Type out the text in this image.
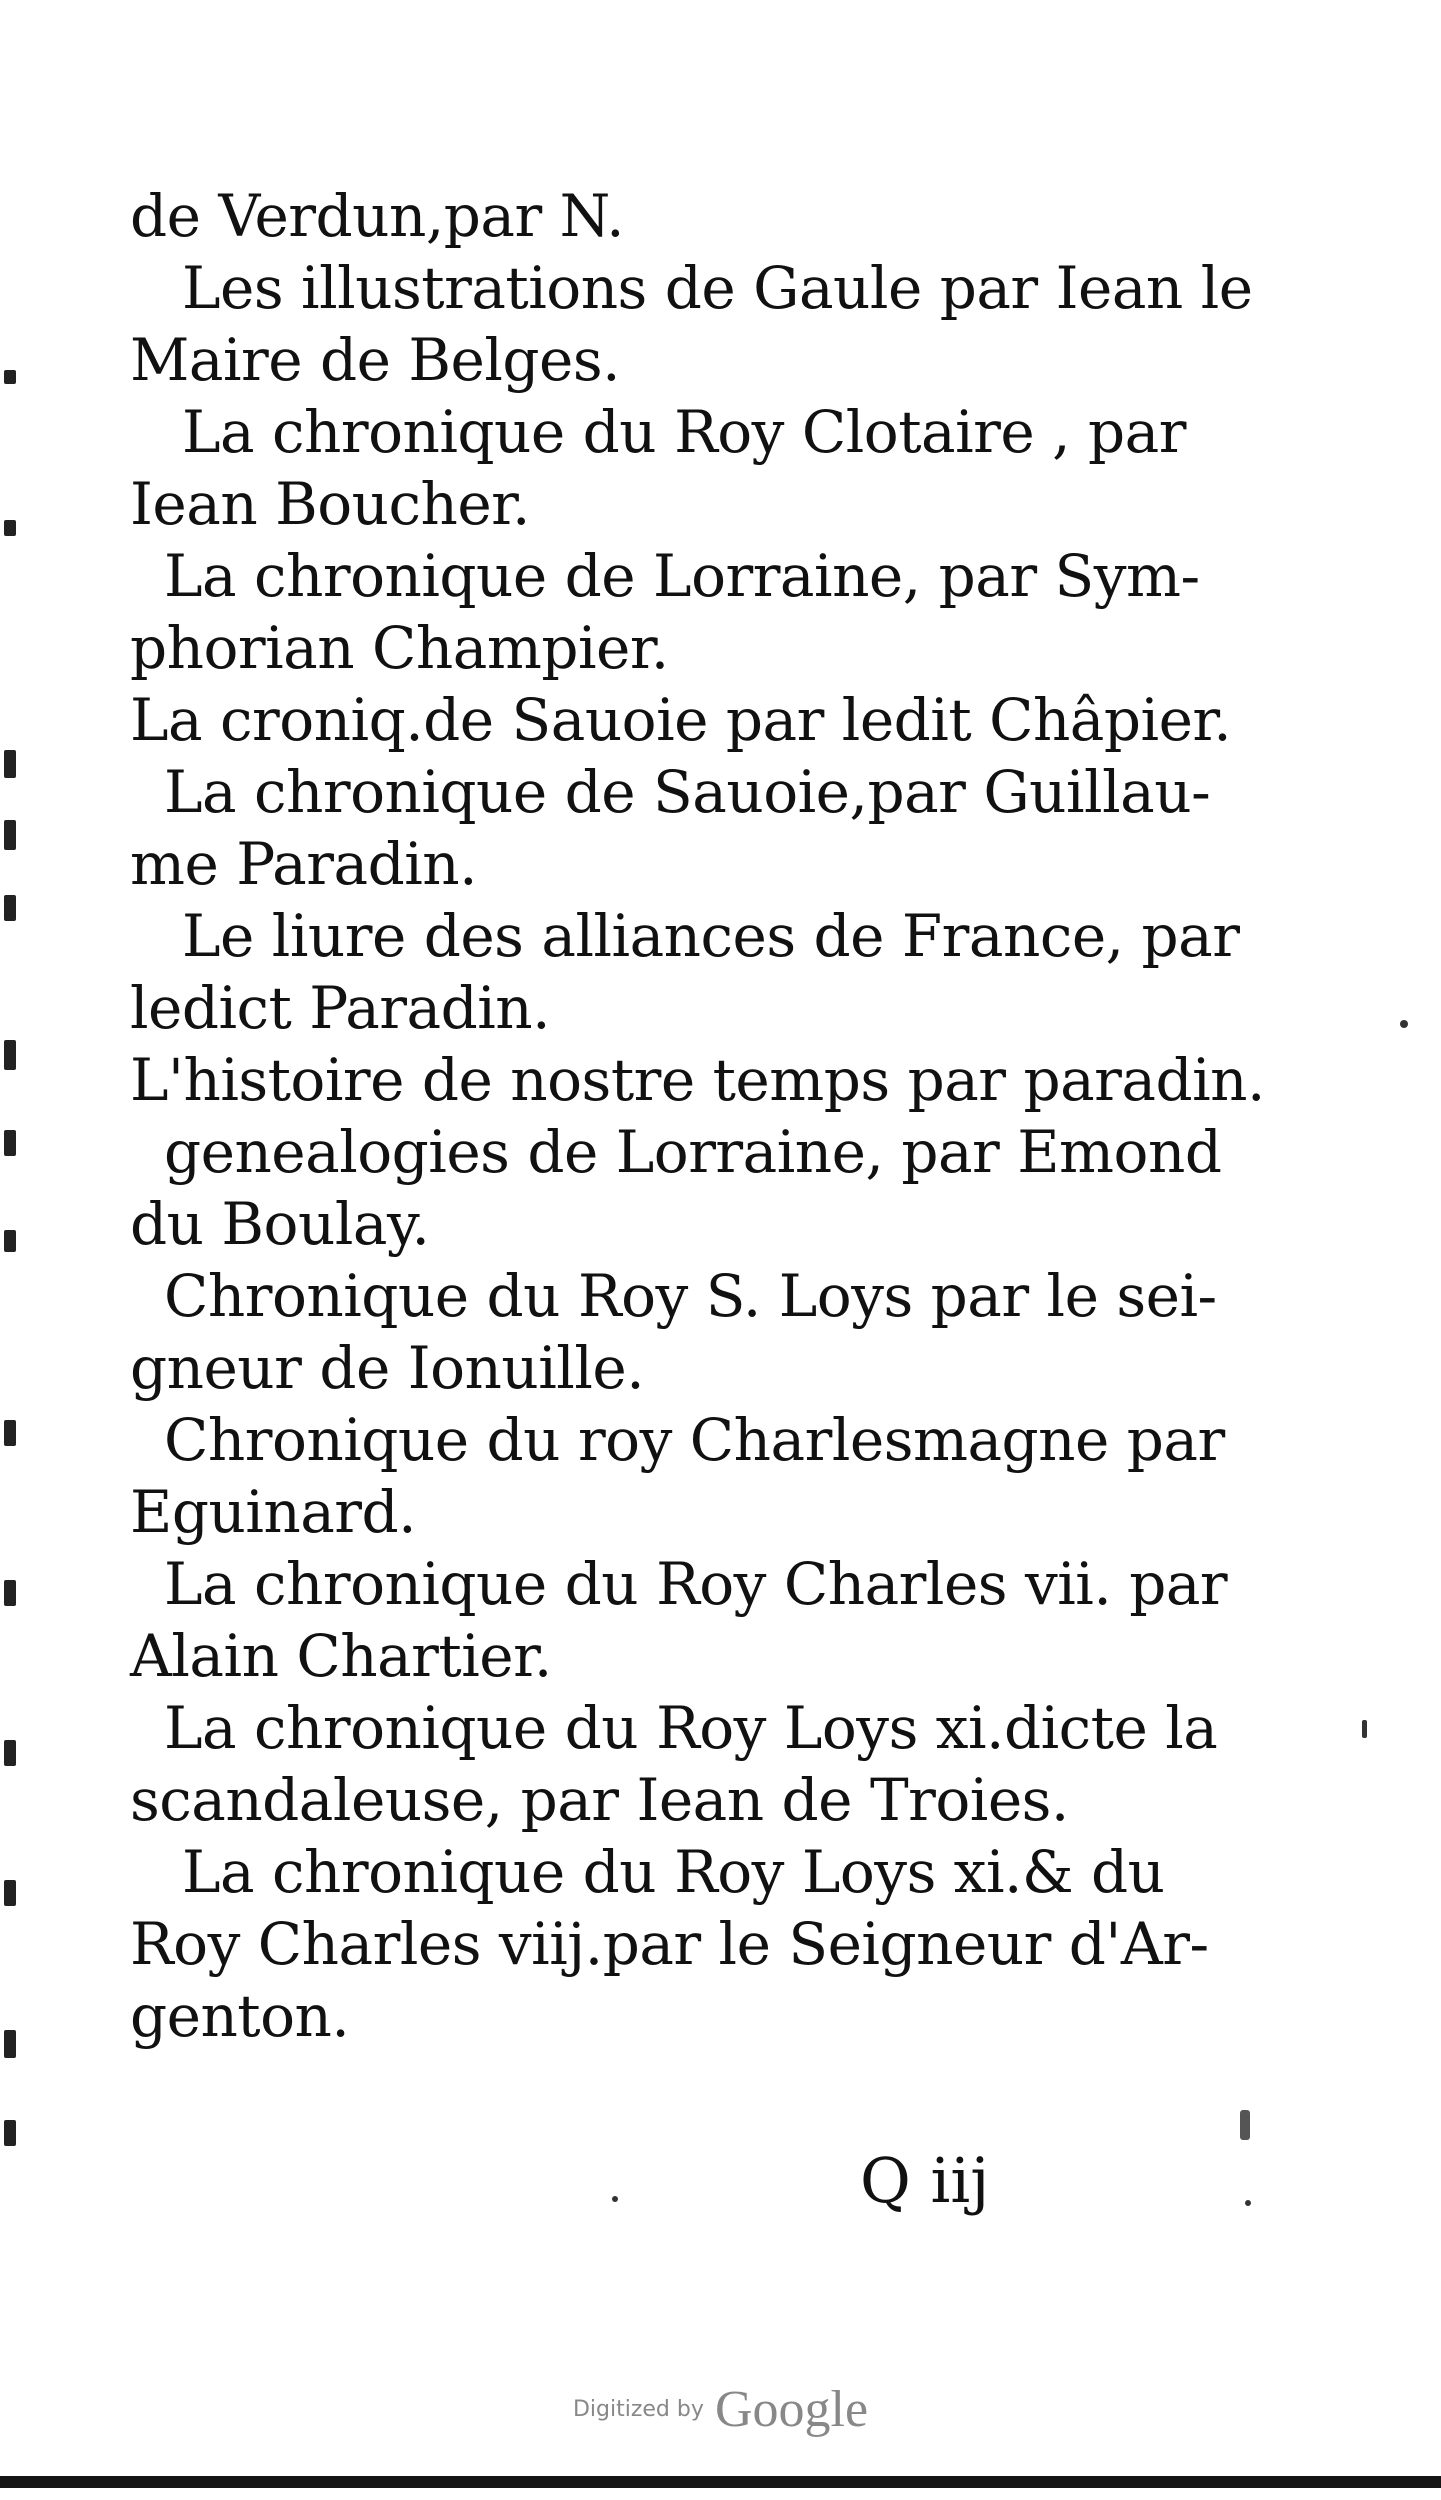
de Verdun,par N.
Les illustrations de Gaule par Iean le
Maire de Belges.
La chronique du Roy Clotaire , par
Iean Boucher.
La chronique de Lorraine, par Sym-
phorian Champier.
La croniq.de Sauoie par ledit Châpier.
La chronique de Sauoie,par Guillau-
me Paradin.
Le liure des alliances de France, par
ledict Paradin.
L'histoire de nostre temps par paradin.
genealogies de Lorraine, par Emond
du Boulay.
Chronique du Roy S. Loys par le sei-
gneur de Ionuille.
Chronique du roy Charlesmagne par
Eguinard.
La chronique du Roy Charles vii. par
Alain Chartier.
La chronique du Roy Loys xi.dicte la
scandaleuse, par Iean de Troies.
La chronique du Roy Loys xi.& du
Roy Charles viij.par le Seigneur d'Ar-
genton.
Q iij
Digitized by Google
